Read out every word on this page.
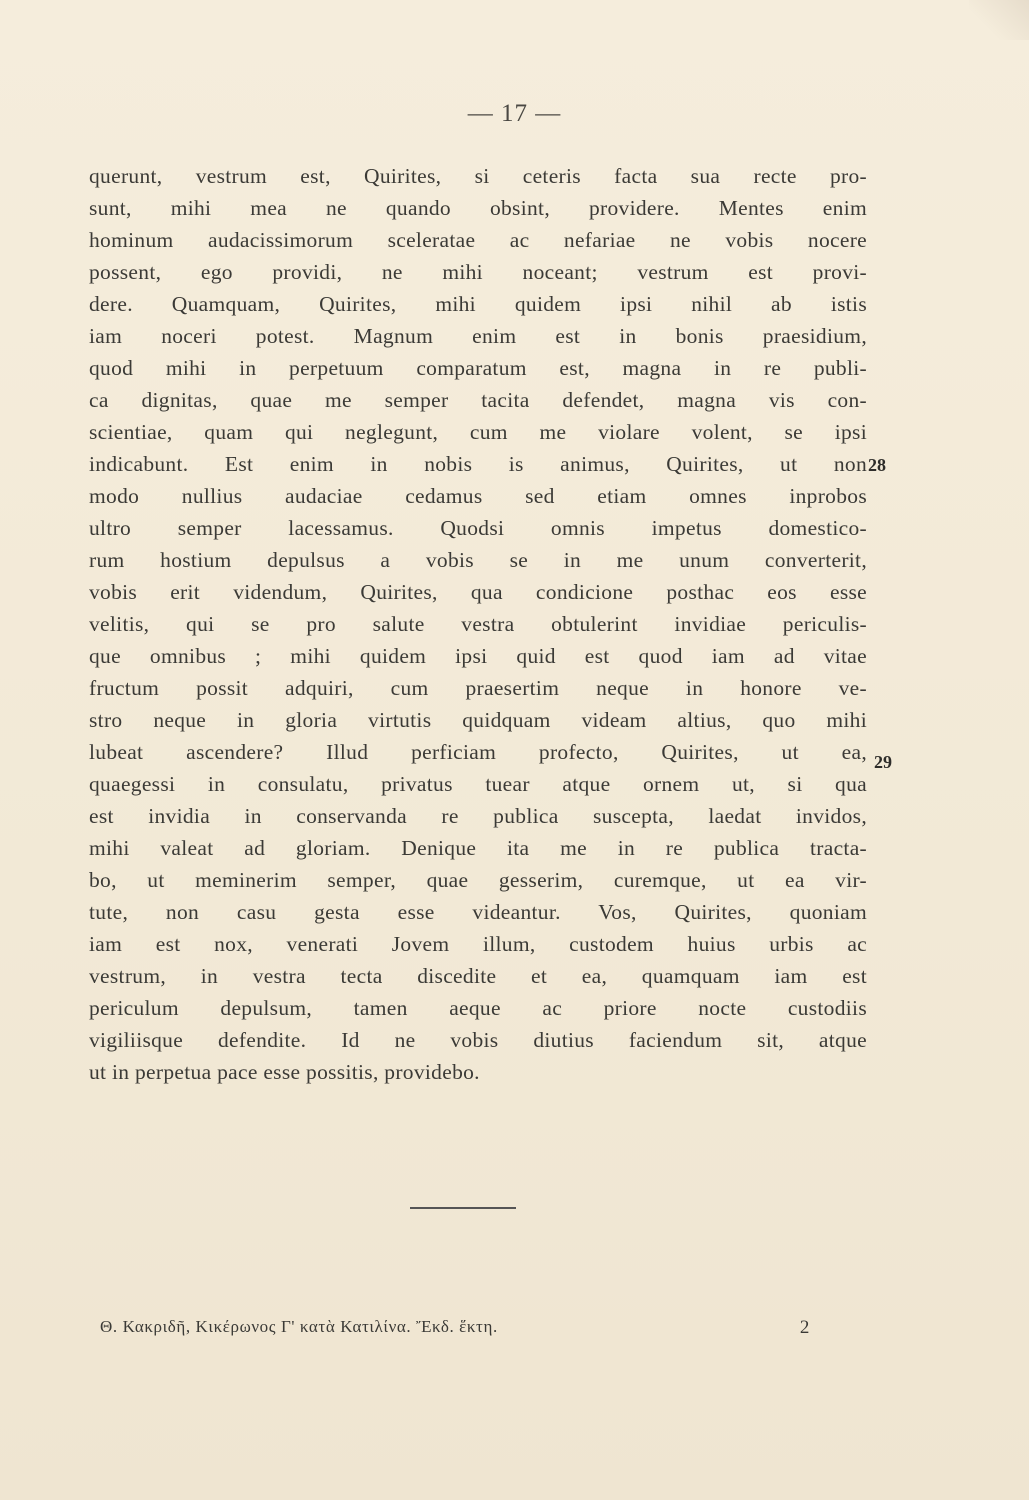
— 17 —
querunt, vestrum est, Quirites, si ceteris facta sua recte pro-
sunt, mihi mea ne quando obsint, providere. Mentes enim
hominum audacissimorum sceleratae ac nefariae ne vobis nocere
possent, ego providi, ne mihi noceant; vestrum est provi-
dere. Quamquam, Quirites, mihi quidem ipsi nihil ab istis
iam noceri potest. Magnum enim est in bonis praesidium,
quod mihi in perpetuum comparatum est, magna in re publi-
ca dignitas, quae me semper tacita defendet, magna vis con-
scientiae, quam qui neglegunt, cum me violare volent, se ipsi
indicabunt. Est enim in nobis is animus, Quirites, ut non
modo nullius audaciae cedamus sed etiam omnes inprobos
ultro semper lacessamus. Quodsi omnis impetus domestico-
rum hostium depulsus a vobis se in me unum converterit,
vobis erit videndum, Quirites, qua condicione posthac eos esse
velitis, qui se pro salute vestra obtulerint invidiae periculis-
que omnibus ; mihi quidem ipsi quid est quod iam ad vitae
fructum possit adquiri, cum praesertim neque in honore ve-
stro neque in gloria virtutis quidquam videam altius, quo mihi
lubeat ascendere? Illud perficiam profecto, Quirites, ut ea,
quaegessi in consulatu, privatus tuear atque ornem ut, si qua
est invidia in conservanda re publica suscepta, laedat invidos,
mihi valeat ad gloriam. Denique ita me in re publica tracta-
bo, ut meminerim semper, quae gesserim, curemque, ut ea vir-
tute, non casu gesta esse videantur. Vos, Quirites, quoniam
iam est nox, venerati Jovem illum, custodem huius urbis ac
vestrum, in vestra tecta discedite et ea, quamquam iam est
periculum depulsum, tamen aeque ac priore nocte custodiis
vigiliisque defendite. Id ne vobis diutius faciendum sit, atque
ut in perpetua pace esse possitis, providebo.
28
29
Θ. Κακριδῆ, Κικέρωνος Γ' κατὰ Κατιλίνα. Ἔκδ. ἕκτη.	2
